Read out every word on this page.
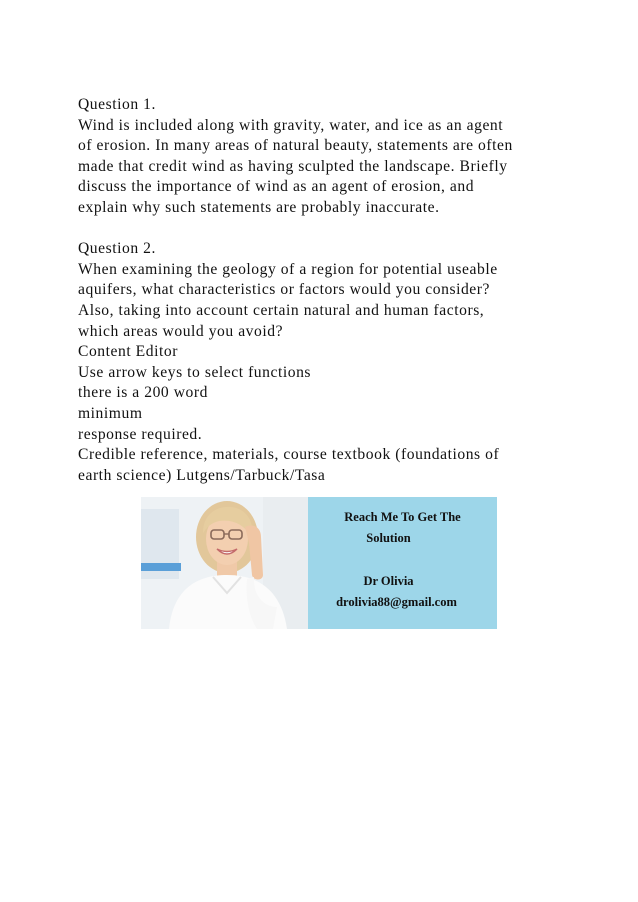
Question 1.
Wind is included along with gravity, water, and ice as an agent
of erosion. In many areas of natural beauty, statements are often
made that credit wind as having sculpted the landscape. Briefly
discuss the importance of wind as an agent of erosion, and
explain why such statements are probably inaccurate.
Question 2.
When examining the geology of a region for potential useable
aquifers, what characteristics or factors would you consider?
Also, taking into account certain natural and human factors,
which areas would you avoid?
Content Editor
Use arrow keys to select functions
there is a 200 word
minimum
response required.
Credible reference, materials, course textbook (foundations of
earth science) Lutgens/Tarbuck/Tasa
Reach Me To Get The
Solution
Dr Olivia
drolivia88@gmail.com
